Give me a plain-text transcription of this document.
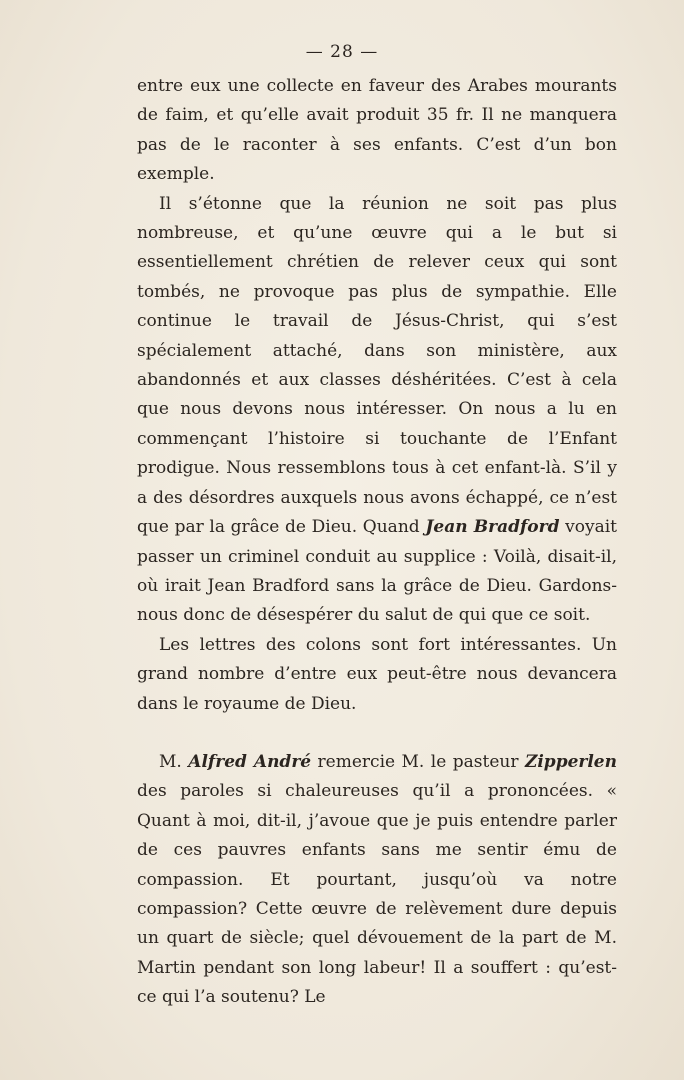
— 28 —

entre eux une collecte en faveur des Arabes mourants de faim, et qu’elle avait produit 35 fr. Il ne manquera pas de le raconter à ses enfants. C’est d’un bon exemple.

Il s’étonne que la réunion ne soit pas plus nombreuse, et qu’une œuvre qui a le but si essentiellement chrétien de relever ceux qui sont tombés, ne provoque pas plus de sympathie. Elle continue le travail de Jésus-Christ, qui s’est spécialement attaché, dans son ministère, aux abandonnés et aux classes déshéritées. C’est à cela que nous devons nous intéresser. On nous a lu en commençant l’histoire si touchante de l’Enfant prodigue. Nous ressemblons tous à cet enfant-là. S’il y a des désordres auxquels nous avons échappé, ce n’est que par la grâce de Dieu. Quand Jean Bradford voyait passer un criminel conduit au supplice : Voilà, disait-il, où irait Jean Bradford sans la grâce de Dieu. Gardons-nous donc de désespérer du salut de qui que ce soit.

Les lettres des colons sont fort intéressantes. Un grand nombre d’entre eux peut-être nous devancera dans le royaume de Dieu.

M. Alfred André remercie M. le pasteur Zipperlen des paroles si chaleureuses qu’il a prononcées. « Quant à moi, dit-il, j’avoue que je puis entendre parler de ces pauvres enfants sans me sentir ému de compassion. Et pourtant, jusqu’où va notre compassion? Cette œuvre de relèvement dure depuis un quart de siècle; quel dévouement de la part de M. Martin pendant son long labeur! Il a souffert : qu’est-ce qui l’a soutenu? Le
